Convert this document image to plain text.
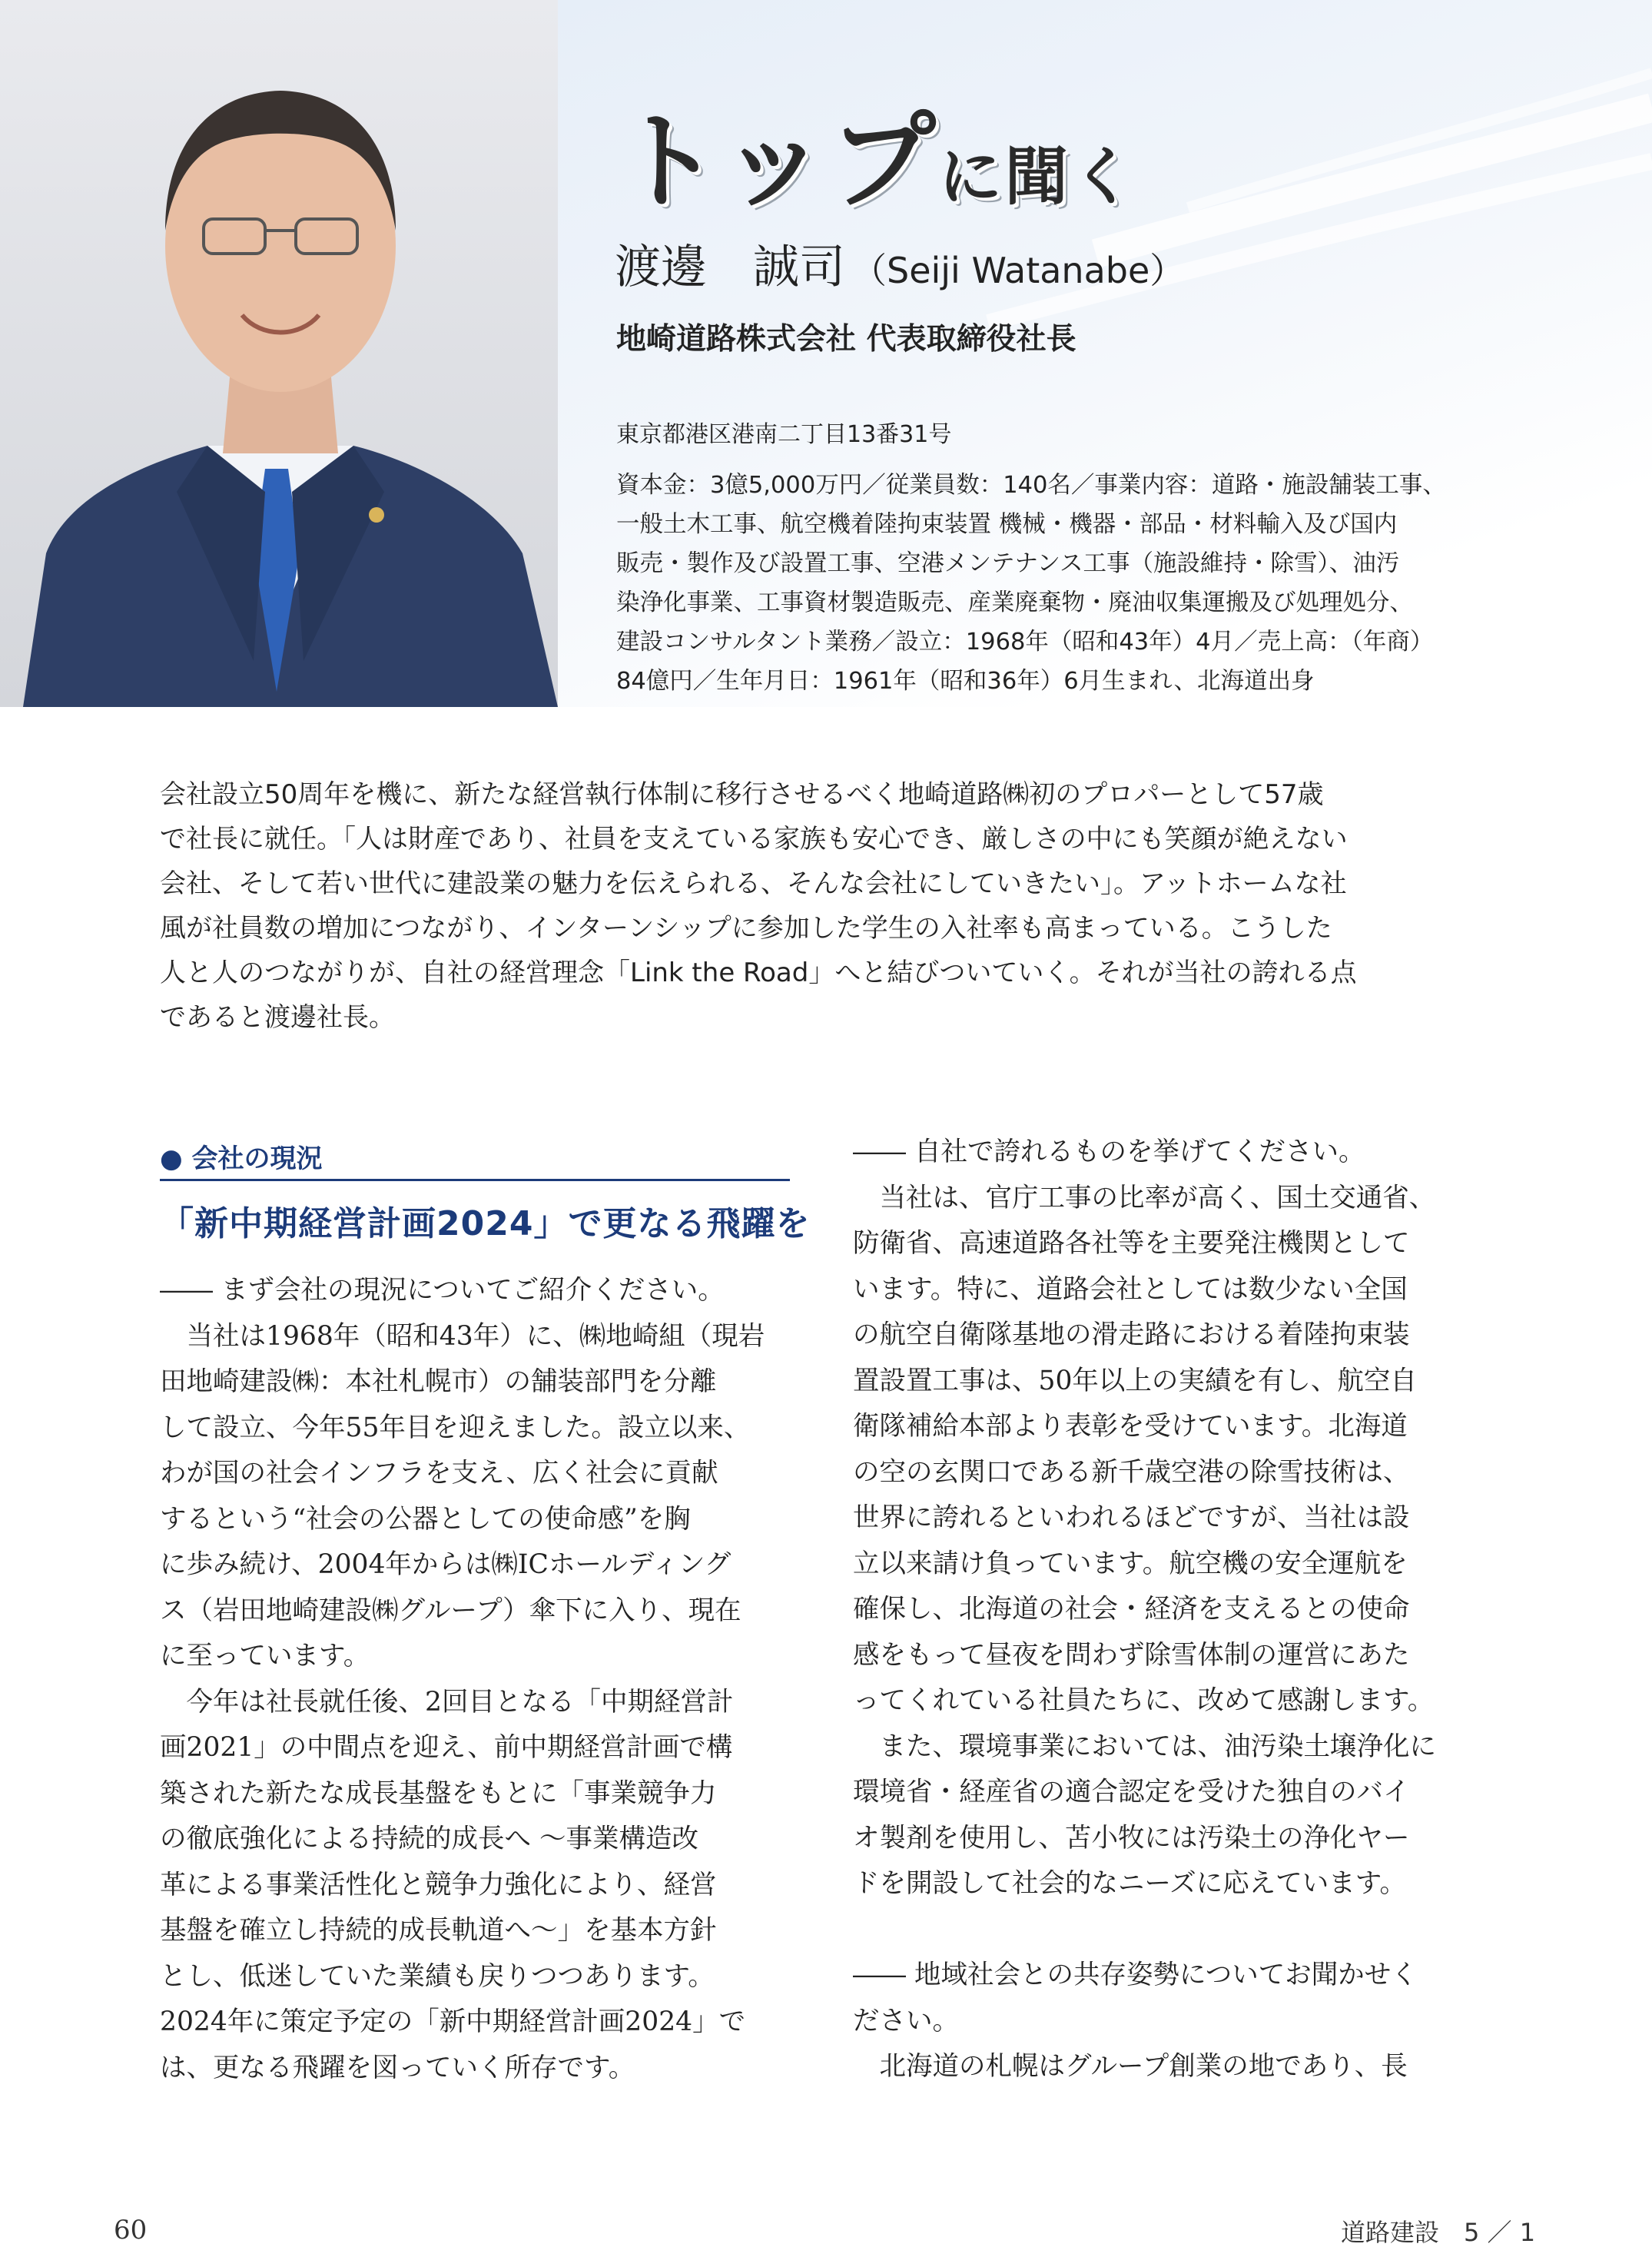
トップに聞く
渡邊　誠司 （Seiji Watanabe）
地崎道路株式会社 代表取締役社長
東京都港区港南二丁目13番31号
資本金：3億5,000万円／従業員数：140名／事業内容：道路・施設舗装工事、
一般土木工事、航空機着陸拘束装置 機械・機器・部品・材料輸入及び国内
販売・製作及び設置工事、空港メンテナンス工事（施設維持・除雪）、油汚
染浄化事業、工事資材製造販売、産業廃棄物・廃油収集運搬及び処理処分、
建設コンサルタント業務／設立：1968年（昭和43年）4月／売上高：（年商）
84億円／生年月日：1961年（昭和36年）6月生まれ、北海道出身
会社設立50周年を機に、新たな経営執行体制に移行させるべく地崎道路㈱初のプロパーとして57歳
で社長に就任。「人は財産であり、社員を支えている家族も安心でき、厳しさの中にも笑顔が絶えない
会社、そして若い世代に建設業の魅力を伝えられる、そんな会社にしていきたい」。アットホームな社
風が社員数の増加につながり、インターンシップに参加した学生の入社率も高まっている。こうした
人と人のつながりが、自社の経営理念「Link the Road」へと結びついていく。それが当社の誇れる点
であると渡邊社長。
● 会社の現況
「新中期経営計画2024」で更なる飛躍を
―― まず会社の現況についてご紹介ください。
　当社は1968年（昭和43年）に、㈱地崎組（現岩
田地崎建設㈱：本社札幌市）の舗装部門を分離
して設立、今年55年目を迎えました。設立以来、
わが国の社会インフラを支え、広く社会に貢献
するという“社会の公器としての使命感”を胸
に歩み続け、2004年からは㈱ICホールディング
ス（岩田地崎建設㈱グループ）傘下に入り、現在
に至っています。
　今年は社長就任後、2回目となる「中期経営計
画2021」の中間点を迎え、前中期経営計画で構
築された新たな成長基盤をもとに「事業競争力
の徹底強化による持続的成長へ ～事業構造改
革による事業活性化と競争力強化により、経営
基盤を確立し持続的成長軌道へ～」を基本方針
とし、低迷していた業績も戻りつつあります。
2024年に策定予定の「新中期経営計画2024」で
は、更なる飛躍を図っていく所存です。
―― 自社で誇れるものを挙げてください。
　当社は、官庁工事の比率が高く、国土交通省、
防衛省、高速道路各社等を主要発注機関として
います。特に、道路会社としては数少ない全国
の航空自衛隊基地の滑走路における着陸拘束装
置設置工事は、50年以上の実績を有し、航空自
衛隊補給本部より表彰を受けています。北海道
の空の玄関口である新千歳空港の除雪技術は、
世界に誇れるといわれるほどですが、当社は設
立以来請け負っています。航空機の安全運航を
確保し、北海道の社会・経済を支えるとの使命
感をもって昼夜を問わず除雪体制の運営にあた
ってくれている社員たちに、改めて感謝します。
　また、環境事業においては、油汚染土壌浄化に
環境省・経産省の適合認定を受けた独自のバイ
オ製剤を使用し、苫小牧には汚染土の浄化ヤー
ドを開設して社会的なニーズに応えています。
―― 地域社会との共存姿勢についてお聞かせく
ださい。
　北海道の札幌はグループ創業の地であり、長
60	道路建設　5 ／ 1
